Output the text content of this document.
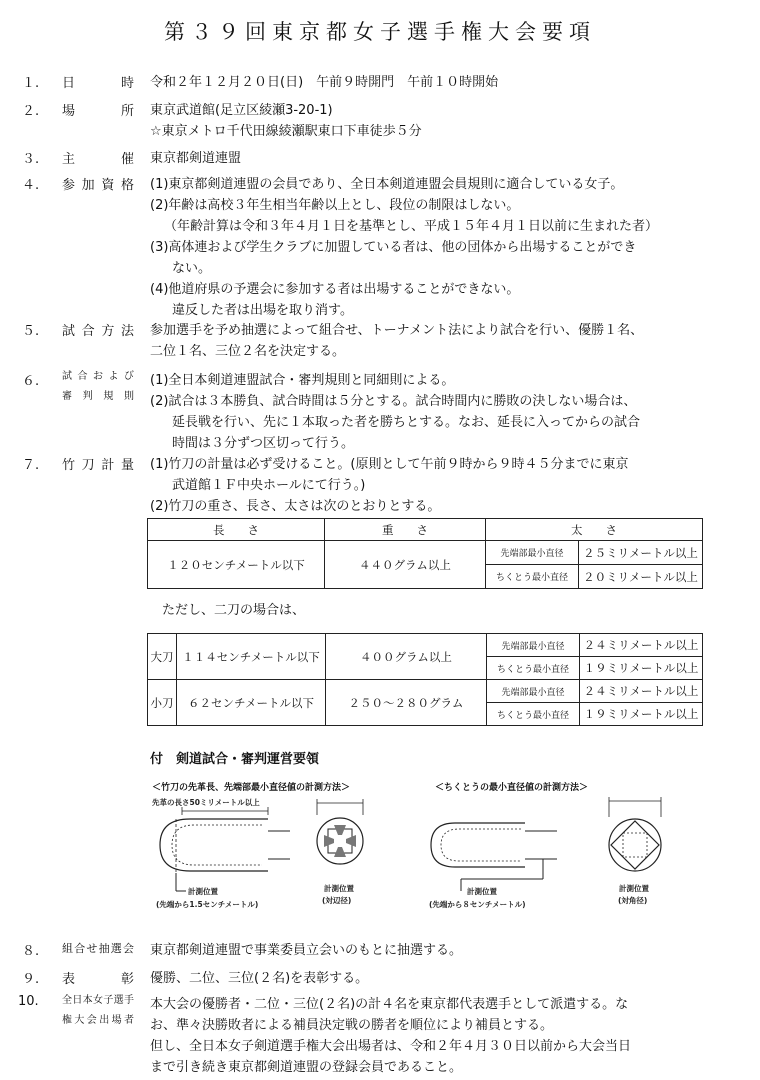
第３９回東京都女子選手権大会要項
１. 日時 令和２年１２月２０日(日)　午前９時開門　午前１０時開始
２. 場所 東京武道館(足立区綾瀬3-20-1)
☆東京メトロ千代田線綾瀬駅東口下車徒歩５分
３. 主催 東京都剣道連盟
４. 参加資格 (1)東京都剣道連盟の会員であり、全日本剣道連盟会員規則に適合している女子。
(2)年齢は高校３年生相当年齢以上とし、段位の制限はしない。
（年齢計算は令和３年４月１日を基準とし、平成１５年４月１日以前に生まれた者）
(3)高体連および学生クラブに加盟している者は、他の団体から出場することができ
ない。
(4)他道府県の予選会に参加する者は出場することができない。
違反した者は出場を取り消す。
５. 試合方法 参加選手を予め抽選によって組合せ、トーナメント法により試合を行い、優勝１名、
二位１名、三位２名を決定する。
６. 試合および
審判規則
(1)全日本剣道連盟試合・審判規則と同細則による。
(2)試合は３本勝負、試合時間は５分とする。試合時間内に勝敗の決しない場合は、
延長戦を行い、先に１本取った者を勝ちとする。なお、延長に入ってからの試合
時間は３分ずつ区切って行う。
７. 竹刀計量 (1)竹刀の計量は必ず受けること。(原則として午前９時から９時４５分までに東京
武道館１Ｆ中央ホールにて行う。)
(2)竹刀の重さ、長さ、太さは次のとおりとする。
長　　さ	重　　さ	太　　さ	
１２０センチメートル以下	４４０グラム以上	先端部最小直径	２５ミリメートル以上
		ちくとう最小直径	２０ミリメートル以上
ただし、二刀の場合は、
大刀	１１４センチメートル以下	４００グラム以上	先端部最小直径	２４ミリメートル以上
			ちくとう最小直径	１９ミリメートル以上
小刀	６２センチメートル以下	２５０～２８０グラム	先端部最小直径	２４ミリメートル以上
			ちくとう最小直径	１９ミリメートル以上
付　剣道試合・審判運営要領
＜竹刀の先革長、先端部最小直径値の計測方法＞	＜ちくとうの最小直径値の計測方法＞
先革の長さ50ミリメートル以上
計測位置
(先端から1.5センチメートル)
計測位置
(対辺径)
計測位置
(先端から８センチメートル)
計測位置
(対角径)
８. 組合せ抽選会 東京都剣道連盟で事業委員立会いのもとに抽選する。
９. 表彰 優勝、二位、三位(２名)を表彰する。
10. 全日本女子選手
権大会出場者
本大会の優勝者・二位・三位(２名)の計４名を東京都代表選手として派遣する。な
お、準々決勝敗者による補員決定戦の勝者を順位により補員とする。
但し、全日本女子剣道選手権大会出場者は、令和２年４月３０日以前から大会当日
まで引き続き東京都剣道連盟の登録会員であること。
